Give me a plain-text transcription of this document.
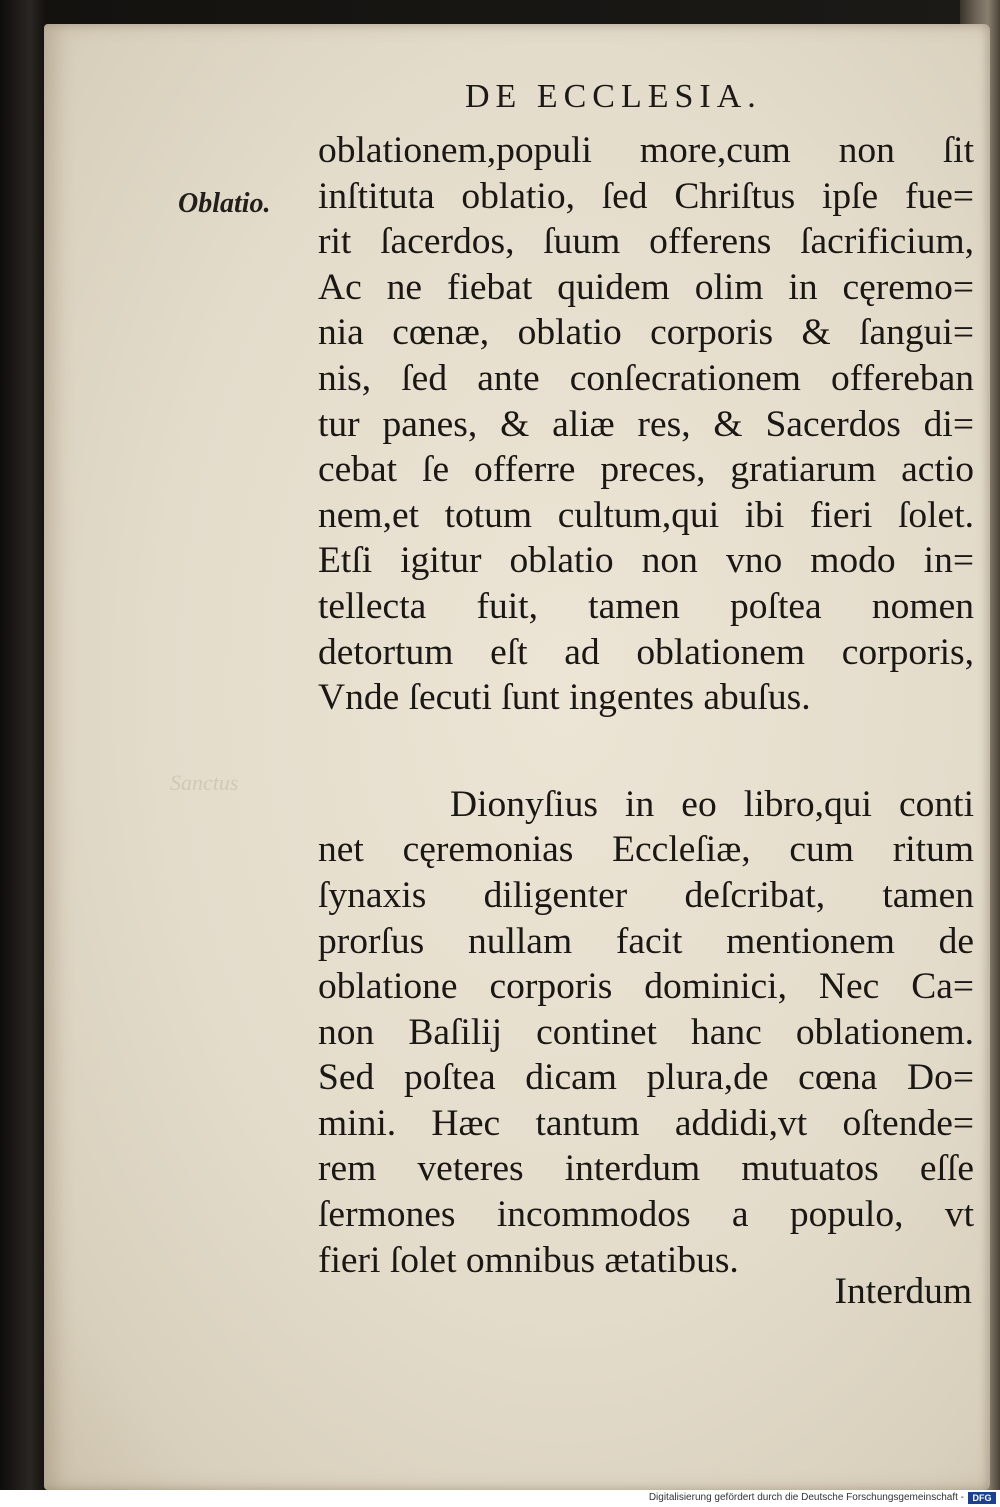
DE ECCLESIA.
Oblatio.
Sanctus
oblationem,populi more,cum non ſit
inſtituta oblatio, ſed Chriſtus ipſe fue=
rit ſacerdos, ſuum offerens ſacrificium,
Ac ne fiebat quidem olim in cęremo=
nia cœnæ, oblatio corporis & ſangui=
nis, ſed ante conſecrationem offereban
tur panes, & aliæ res, & Sacerdos di=
cebat ſe offerre preces, gratiarum actio
nem,et totum cultum,qui ibi fieri ſolet.
Etſi igitur oblatio non vno modo in=
tellecta fuit, tamen poſtea nomen
detortum eſt ad oblationem corporis,
Vnde ſecuti ſunt ingentes abuſus.
Dionyſius in eo libro,qui conti
net cęremonias Eccleſiæ, cum ritum
ſynaxis diligenter deſcribat, tamen
prorſus nullam facit mentionem de
oblatione corporis dominici, Nec Ca=
non Baſilij continet hanc oblationem.
Sed poſtea dicam plura,de cœna Do=
mini. Hæc tantum addidi,vt oſtende=
rem veteres interdum mutuatos eſſe
ſermones incommodos a populo, vt
fieri ſolet omnibus ætatibus.
Interdum
Digitalisierung gefördert durch die Deutsche Forschungsgemeinschaft - DFG
